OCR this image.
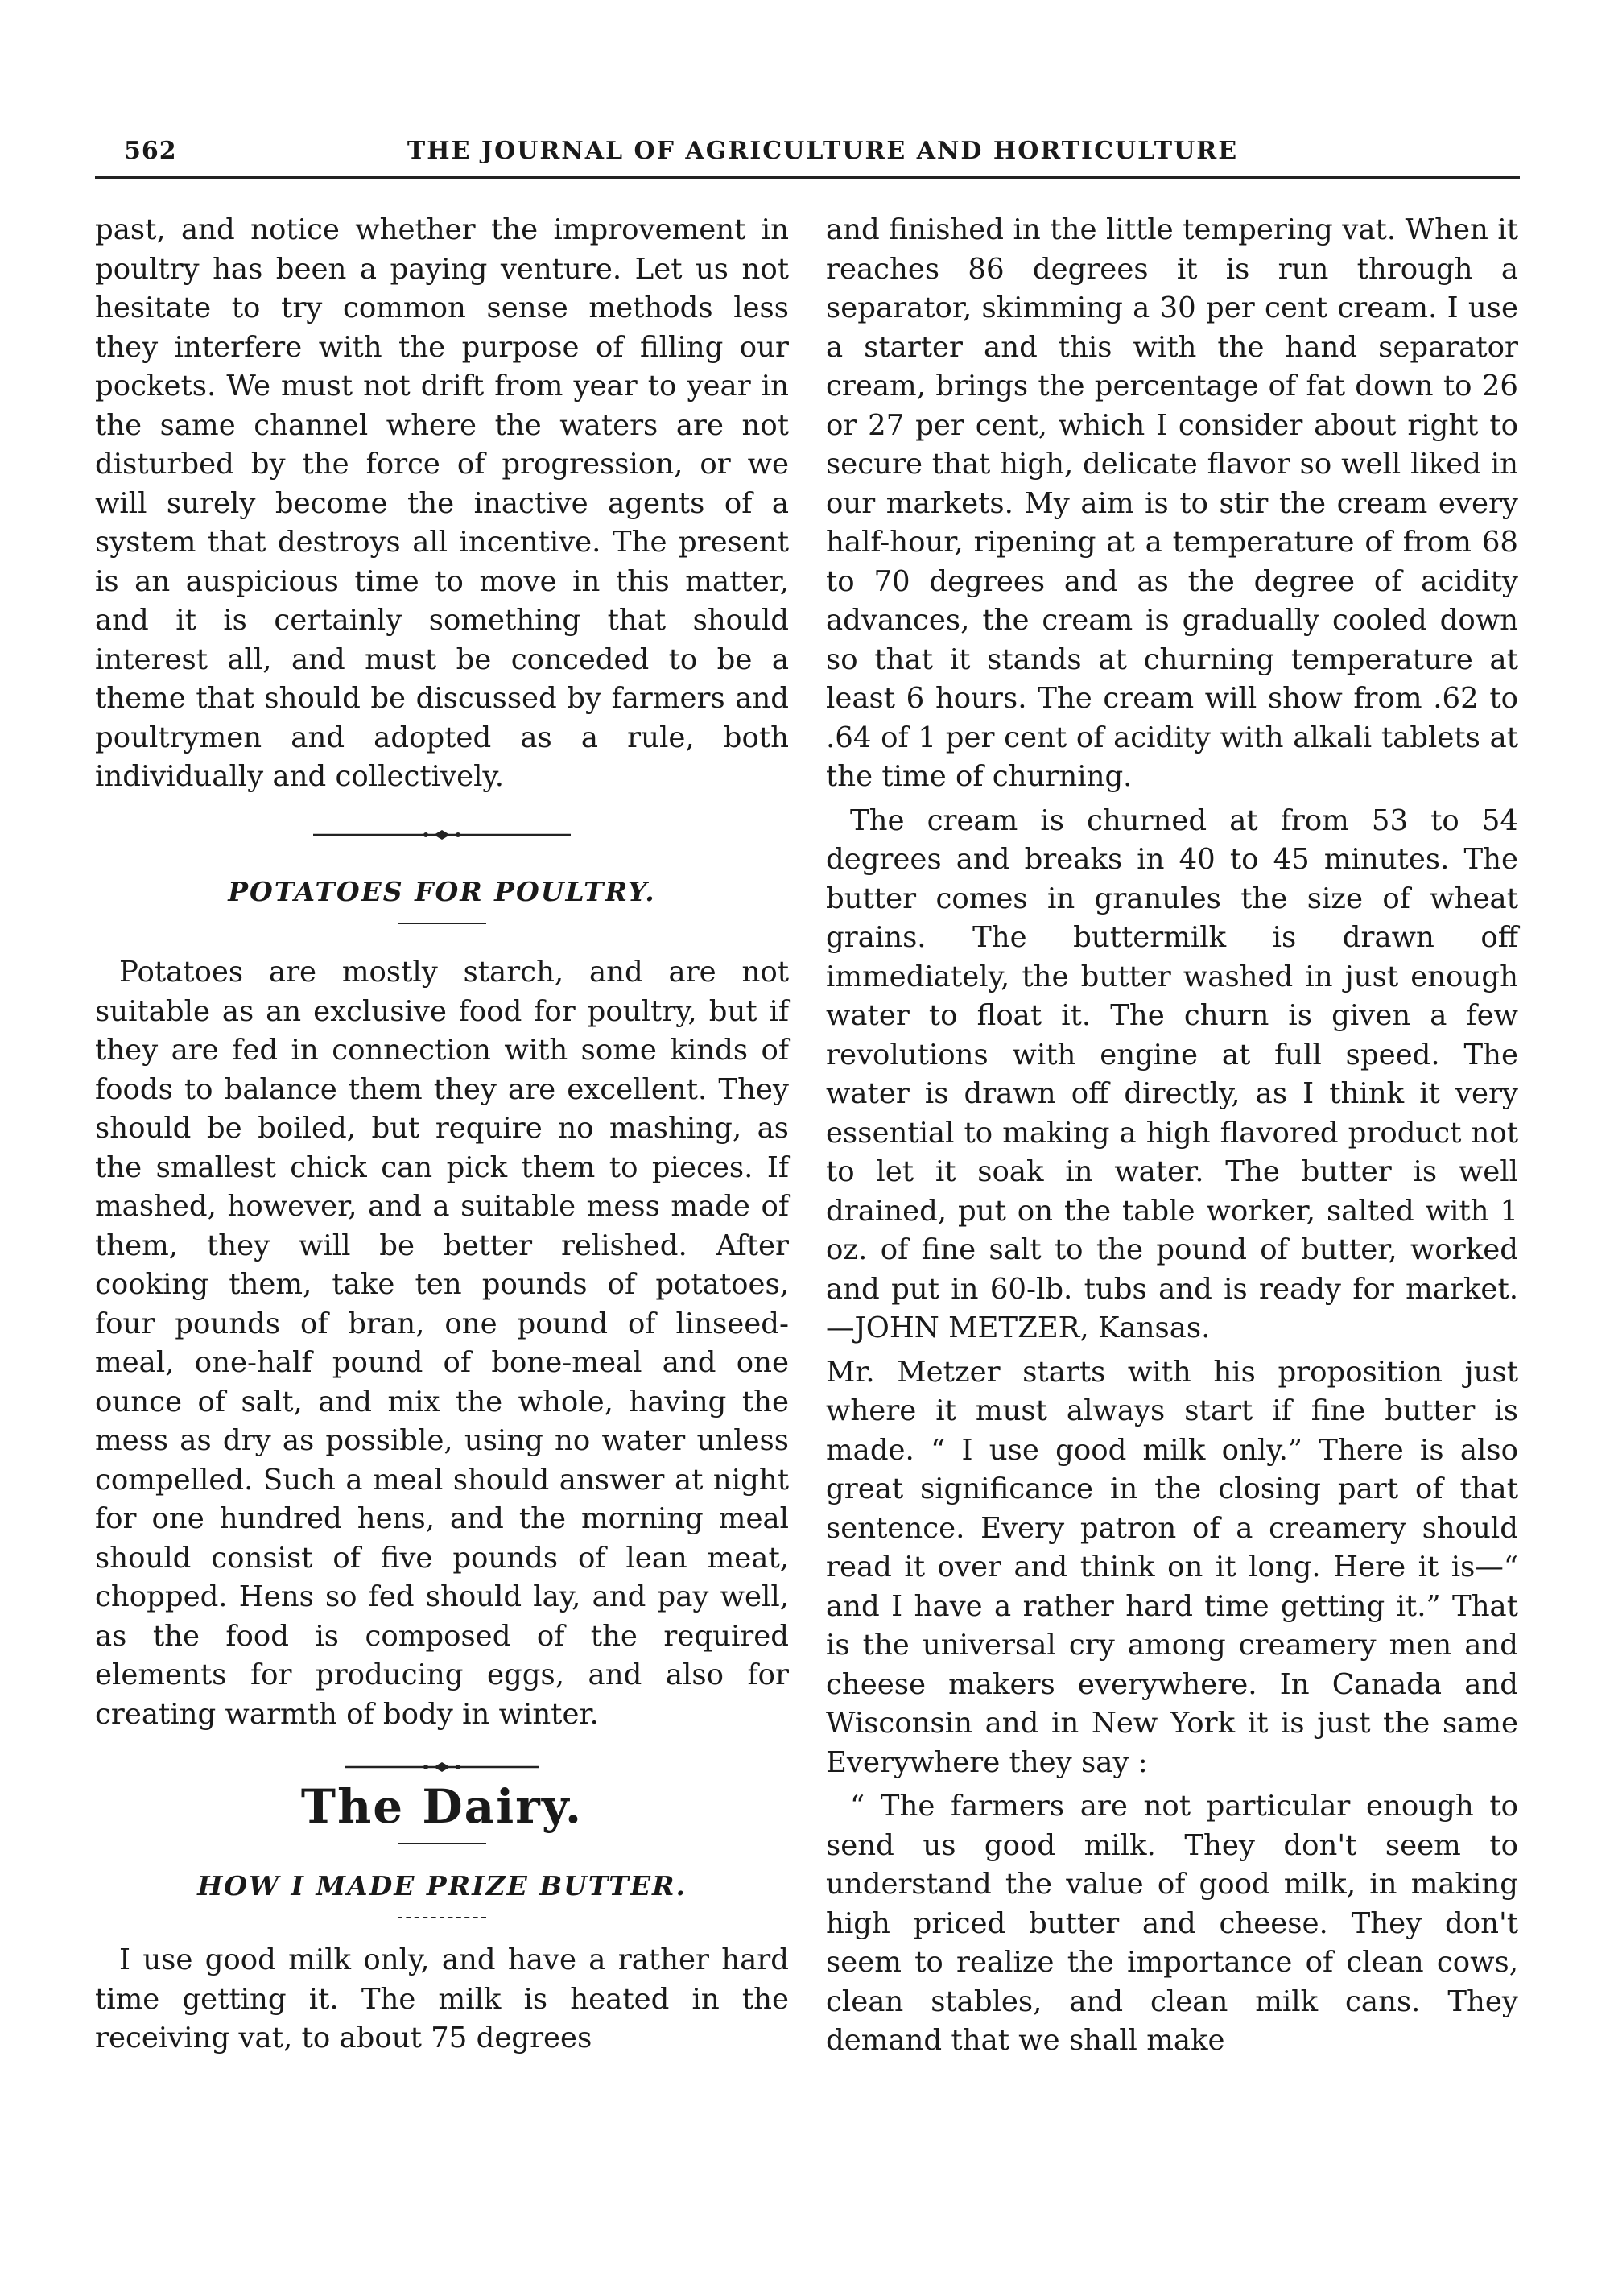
562	THE JOURNAL OF AGRICULTURE AND HORTICULTURE

past, and notice whether the improvement in poultry has been a paying venture. Let us not hesitate to try common sense methods less they interfere with the purpose of filling our pockets. We must not drift from year to year in the same channel where the waters are not disturbed by the force of progression, or we will surely become the inactive agents of a system that destroys all incentive. The present is an auspicious time to move in this matter, and it is certainly something that should interest all, and must be conceded to be a theme that should be discussed by farmers and poultrymen and adopted as a rule, both individually and collectively.

POTATOES FOR POULTRY.

Potatoes are mostly starch, and are not suitable as an exclusive food for poultry, but if they are fed in connection with some kinds of foods to balance them they are excellent. They should be boiled, but require no mashing, as the smallest chick can pick them to pieces. If mashed, however, and a suitable mess made of them, they will be better relished. After cooking them, take ten pounds of potatoes, four pounds of bran, one pound of linseed-meal, one-half pound of bone-meal and one ounce of salt, and mix the whole, having the mess as dry as possible, using no water unless compelled. Such a meal should answer at night for one hundred hens, and the morning meal should consist of five pounds of lean meat, chopped. Hens so fed should lay, and pay well, as the food is composed of the required elements for producing eggs, and also for creating warmth of body in winter.

The Dairy.
HOW I MADE PRIZE BUTTER.

I use good milk only, and have a rather hard time getting it. The milk is heated in the receiving vat, to about 75 degrees

and finished in the little tempering vat. When it reaches 86 degrees it is run through a separator, skimming a 30 per cent cream. I use a starter and this with the hand separator cream, brings the percentage of fat down to 26 or 27 per cent, which I consider about right to secure that high, delicate flavor so well liked in our markets. My aim is to stir the cream every half-hour, ripening at a temperature of from 68 to 70 degrees and as the degree of acidity advances, the cream is gradually cooled down so that it stands at churning temperature at least 6 hours. The cream will show from .62 to .64 of 1 per cent of acidity with alkali tablets at the time of churning.

The cream is churned at from 53 to 54 degrees and breaks in 40 to 45 minutes. The butter comes in granules the size of wheat grains. The buttermilk is drawn off immediately, the butter washed in just enough water to float it. The churn is given a few revolutions with engine at full speed. The water is drawn off directly, as I think it very essential to making a high flavored product not to let it soak in water. The butter is well drained, put on the table worker, salted with 1 oz. of fine salt to the pound of butter, worked and put in 60-lb. tubs and is ready for market. —JOHN METZER, Kansas.

Mr. Metzer starts with his proposition just where it must always start if fine butter is made. “ I use good milk only.” There is also great significance in the closing part of that sentence. Every patron of a creamery should read it over and think on it long. Here it is—“ and I have a rather hard time getting it.” That is the universal cry among creamery men and cheese makers everywhere. In Canada and Wisconsin and in New York it is just the same Everywhere they say :

“ The farmers are not particular enough to send us good milk. They don't seem to understand the value of good milk, in making high priced butter and cheese. They don't seem to realize the importance of clean cows, clean stables, and clean milk cans. They demand that we shall make
